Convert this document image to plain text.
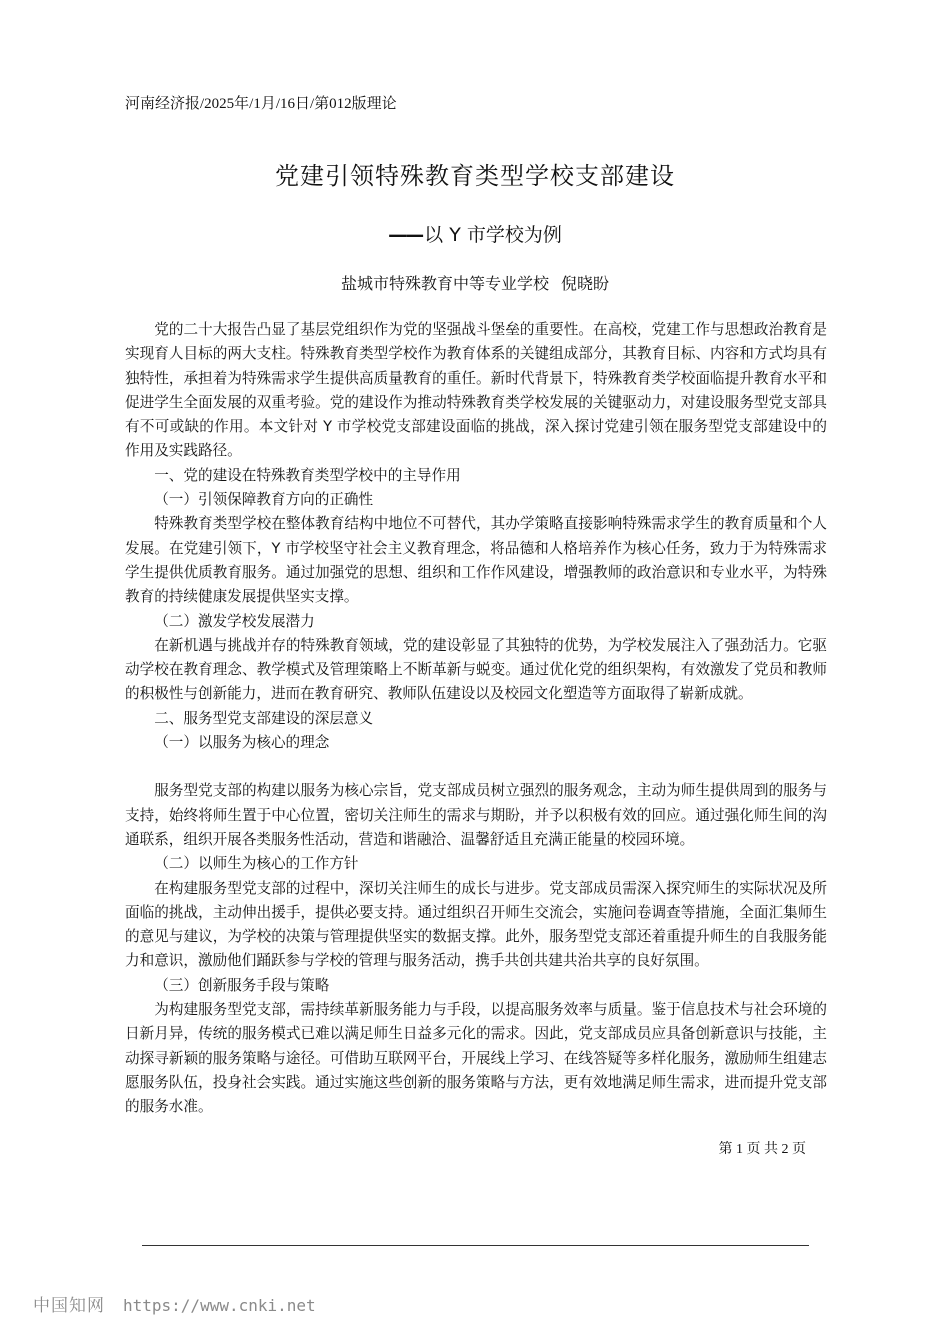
河南经济报/2025年/1月/16日/第012版理论
党建引领特殊教育类型学校支部建设
—— 以 Y 市学校为例
盐城市特殊教育中等专业学校 倪晓盼

党的二十大报告凸显了基层党组织作为党的坚强战斗堡垒的重要性。在高校，党建工作与思想政治教育是实现育人目标的两大支柱。特殊教育类型学校作为教育体系的关键组成部分，其教育目标、内容和方式均具有独特性，承担着为特殊需求学生提供高质量教育的重任。新时代背景下，特殊教育类学校面临提升教育水平和促进学生全面发展的双重考验。党的建设作为推动特殊教育类学校发展的关键驱动力，对建设服务型党支部具有不可或缺的作用。本文针对 Y 市学校党支部建设面临的挑战，深入探讨党建引领在服务型党支部建设中的作用及实践路径。

一、党的建设在特殊教育类型学校中的主导作用

（一）引领保障教育方向的正确性

特殊教育类型学校在整体教育结构中地位不可替代，其办学策略直接影响特殊需求学生的教育质量和个人发展。在党建引领下，Y 市学校坚守社会主义教育理念，将品德和人格培养作为核心任务，致力于为特殊需求学生提供优质教育服务。通过加强党的思想、组织和工作作风建设，增强教师的政治意识和专业水平，为特殊教育的持续健康发展提供坚实支撑。

（二）激发学校发展潜力

在新机遇与挑战并存的特殊教育领域，党的建设彰显了其独特的优势，为学校发展注入了强劲活力。它驱动学校在教育理念、教学模式及管理策略上不断革新与蜕变。通过优化党的组织架构，有效激发了党员和教师的积极性与创新能力，进而在教育研究、教师队伍建设以及校园文化塑造等方面取得了崭新成就。

二、服务型党支部建设的深层意义

（一）以服务为核心的理念

服务型党支部的构建以服务为核心宗旨，党支部成员树立强烈的服务观念，主动为师生提供周到的服务与支持，始终将师生置于中心位置，密切关注师生的需求与期盼，并予以积极有效的回应。通过强化师生间的沟通联系，组织开展各类服务性活动，营造和谐融洽、温馨舒适且充满正能量的校园环境。

（二）以师生为核心的工作方针

在构建服务型党支部的过程中，深切关注师生的成长与进步。党支部成员需深入探究师生的实际状况及所面临的挑战，主动伸出援手，提供必要支持。通过组织召开师生交流会，实施问卷调查等措施，全面汇集师生的意见与建议，为学校的决策与管理提供坚实的数据支撑。此外，服务型党支部还着重提升师生的自我服务能力和意识，激励他们踊跃参与学校的管理与服务活动，携手共创共建共治共享的良好氛围。

（三）创新服务手段与策略

为构建服务型党支部，需持续革新服务能力与手段，以提高服务效率与质量。鉴于信息技术与社会环境的日新月异，传统的服务模式已难以满足师生日益多元化的需求。因此，党支部成员应具备创新意识与技能，主动探寻新颖的服务策略与途径。可借助互联网平台，开展线上学习、在线答疑等多样化服务，激励师生组建志愿服务队伍，投身社会实践。通过实施这些创新的服务策略与方法，更有效地满足师生需求，进而提升党支部的服务水准。

第 1 页 共 2 页
中国知网 https://www.cnki.net
